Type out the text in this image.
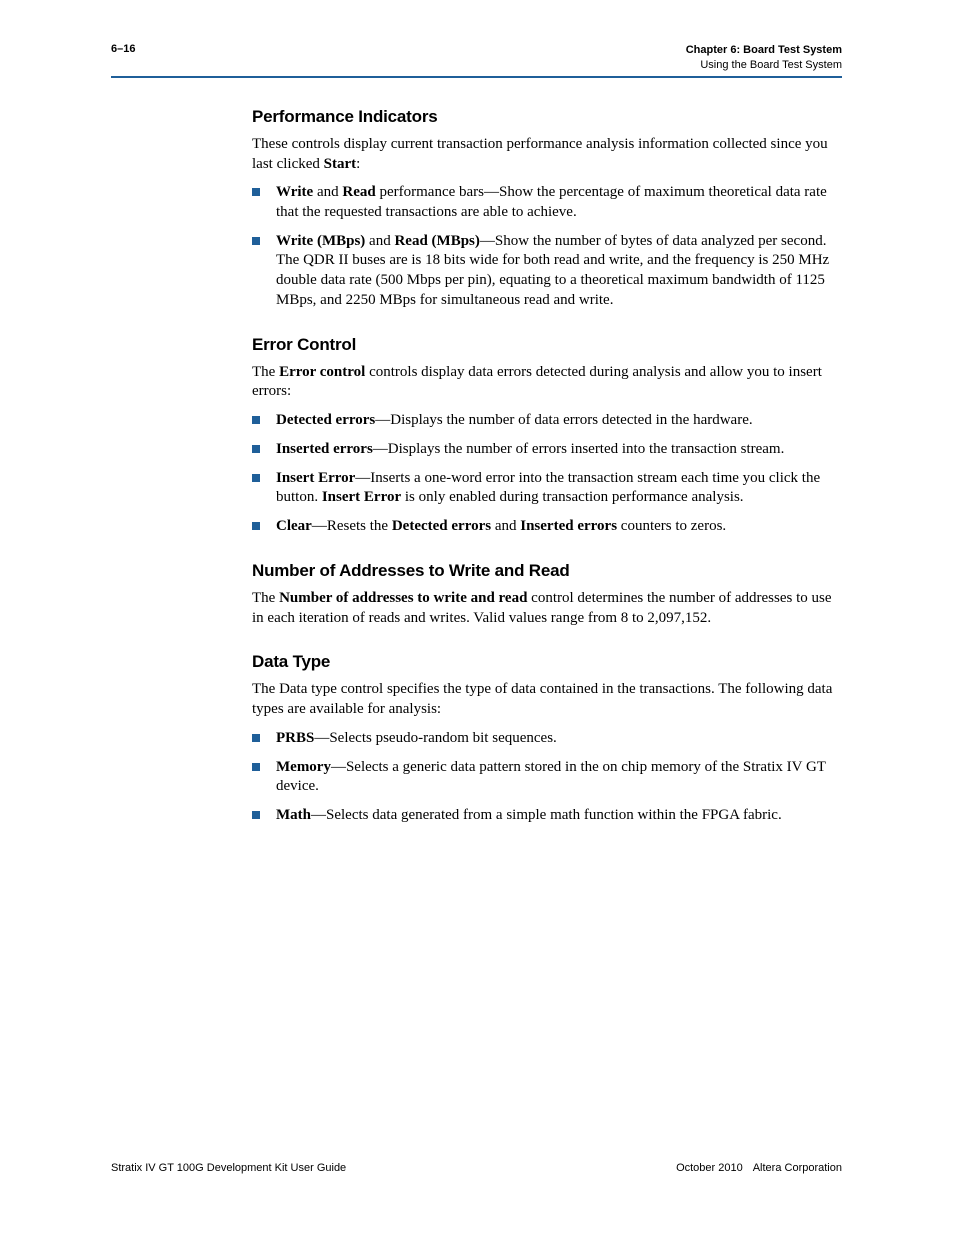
6–16	Chapter 6: Board Test System
Using the Board Test System
Performance Indicators

These controls display current transaction performance analysis information collected since you last clicked Start:

Write and Read performance bars—Show the percentage of maximum theoretical data rate that the requested transactions are able to achieve.
Write (MBps) and Read (MBps)—Show the number of bytes of data analyzed per second. The QDR II buses are is 18 bits wide for both read and write, and the frequency is 250 MHz double data rate (500 Mbps per pin), equating to a theoretical maximum bandwidth of 1125 MBps, and 2250 MBps for simultaneous read and write.
Error Control

The Error control controls display data errors detected during analysis and allow you to insert errors:

Detected errors—Displays the number of data errors detected in the hardware.
Inserted errors—Displays the number of errors inserted into the transaction stream.
Insert Error—Inserts a one-word error into the transaction stream each time you click the button. Insert Error is only enabled during transaction performance analysis.
Clear—Resets the Detected errors and Inserted errors counters to zeros.
Number of Addresses to Write and Read

The Number of addresses to write and read control determines the number of addresses to use in each iteration of reads and writes. Valid values range from 8 to 2,097,152.

Data Type

The Data type control specifies the type of data contained in the transactions. The following data types are available for analysis:

PRBS—Selects pseudo-random bit sequences.
Memory—Selects a generic data pattern stored in the on chip memory of the Stratix IV GT device.
Math—Selects data generated from a simple math function within the FPGA fabric.
Stratix IV GT 100G Development Kit User Guide	October 2010 Altera Corporation
